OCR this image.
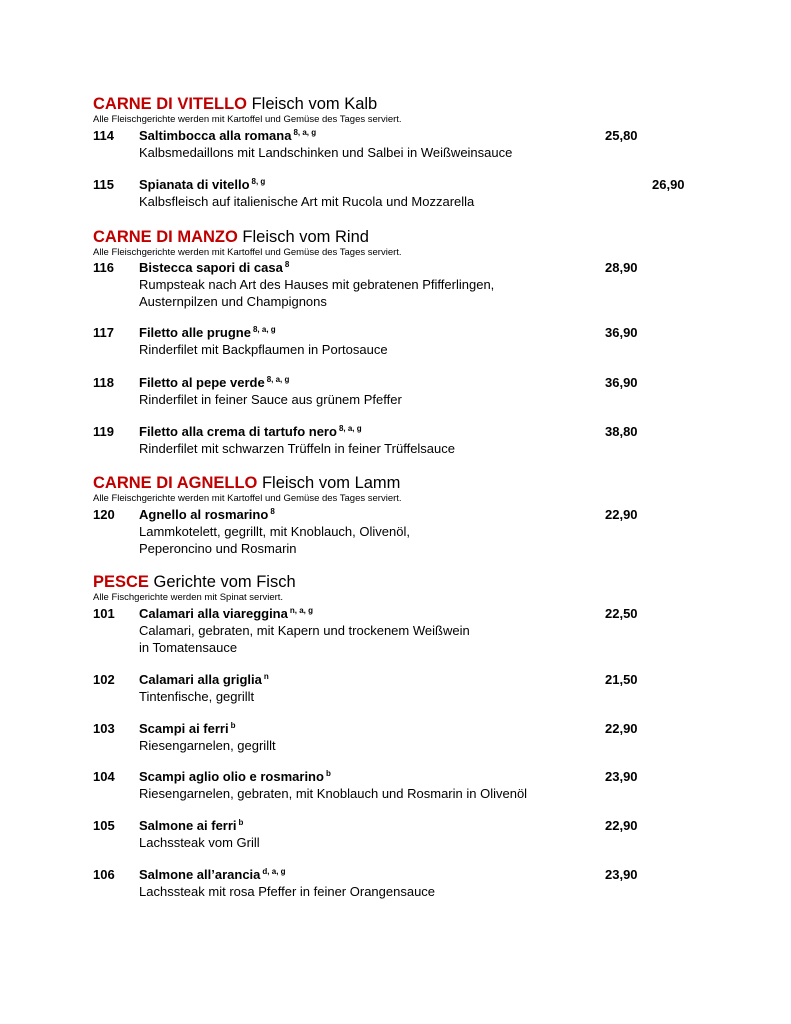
CARNE DI VITELLO Fleisch vom Kalb
Alle Fleischgerichte werden mit Kartoffel und Gemüse des Tages serviert.
114 Saltimbocca alla romana $^{8, a, g}$	25,80
Kalbsmedaillons mit Landschinken und Salbei in Weißweinsauce
115 Spianata di vitello $^{8, g}$	26,90
Kalbsfleisch auf italienische Art mit Rucola und Mozzarella
CARNE DI MANZO Fleisch vom Rind
Alle Fleischgerichte werden mit Kartoffel und Gemüse des Tages serviert.
116 Bistecca sapori di casa $^8$	28,90
Rumpsteak nach Art des Hauses mit gebratenen Pfifferlingen,
Austernpilzen und Champignons
117 Filetto alle prugne $^{8, a, g}$	36,90
Rinderfilet mit Backpflaumen in Portosauce
118 Filetto al pepe verde $^{8, a, g}$	36,90
Rinderfilet in feiner Sauce aus grünem Pfeffer
119 Filetto alla crema di tartufo nero $^{8, a, g}$	38,80
Rinderfilet mit schwarzen Trüffeln in feiner Trüffelsauce
CARNE DI AGNELLO Fleisch vom Lamm
Alle Fleischgerichte werden mit Kartoffel und Gemüse des Tages serviert.
120 Agnello al rosmarino $^8$	22,90
Lammkotelett, gegrillt, mit Knoblauch, Olivenöl,
Peperoncino und Rosmarin
PESCE Gerichte vom Fisch
Alle Fischgerichte werden mit Spinat serviert.
101 Calamari alla viareggina $^{n, a, g}$	22,50
Calamari, gebraten, mit Kapern und trockenem Weißwein
in Tomatensauce
102 Calamari alla griglia $^n$	21,50
Tintenfische, gegrillt
103 Scampi ai ferri $^b$	22,90
Riesengarnelen, gegrillt
104 Scampi aglio olio e rosmarino $^b$	23,90
Riesengarnelen, gebraten, mit Knoblauch und Rosmarin in Olivenöl
105 Salmone ai ferri $^b$	22,90
Lachssteak vom Grill
106 Salmone all’arancia $^{d, a, g}$	23,90
Lachssteak mit rosa Pfeffer in feiner Orangensauce
